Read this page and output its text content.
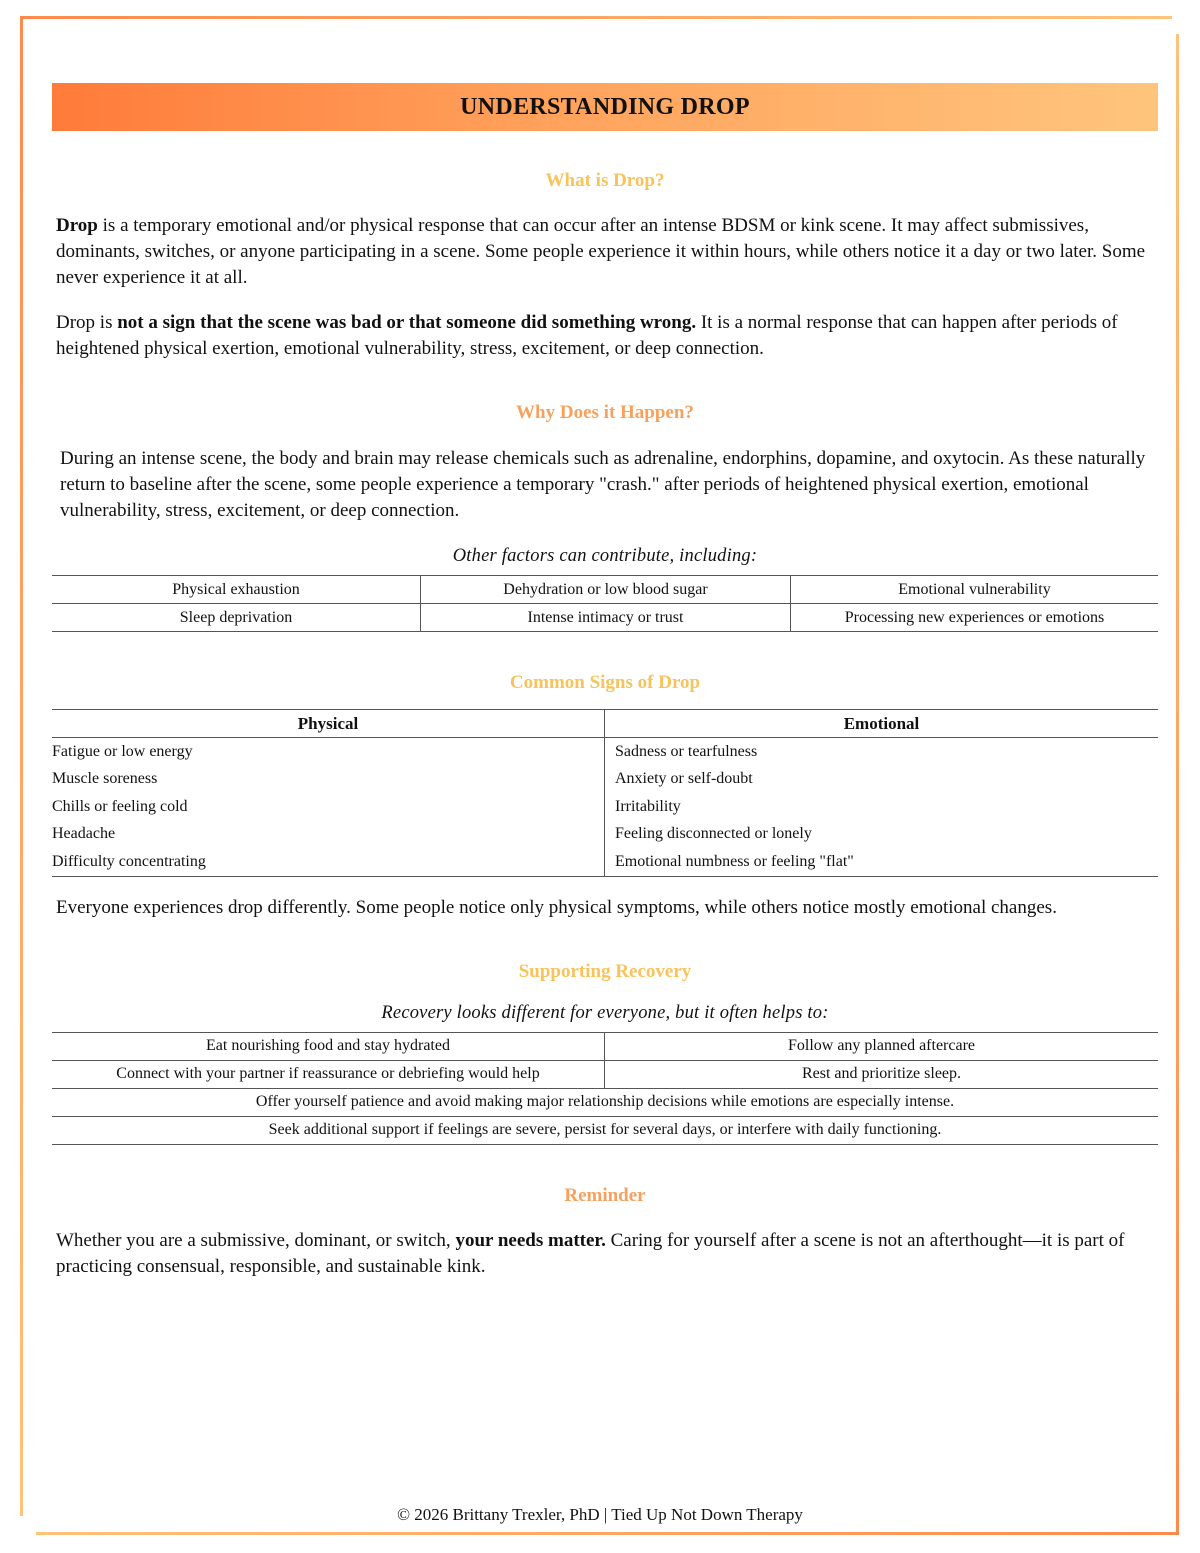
UNDERSTANDING DROP
What is Drop?

Drop is a temporary emotional and/or physical response that can occur after an intense BDSM or kink scene. It may affect submissives, dominants, switches, or anyone participating in a scene. Some people experience it within hours, while others notice it a day or two later. Some never experience it at all.

Drop is not a sign that the scene was bad or that someone did something wrong. It is a normal response that can happen after periods of heightened physical exertion, emotional vulnerability, stress, excitement, or deep connection.

Why Does it Happen?

During an intense scene, the body and brain may release chemicals such as adrenaline, endorphins, dopamine, and oxytocin. As these naturally return to baseline after the scene, some people experience a temporary "crash." after periods of heightened physical exertion, emotional vulnerability, stress, excitement, or deep connection.

Other factors can contribute, including:

Physical exhaustion	Dehydration or low blood sugar	Emotional vulnerability
Sleep deprivation	Intense intimacy or trust	Processing new experiences or emotions
Common Signs of Drop
Physical	Emotional
Fatigue or low energy	Sadness or tearfulness
Muscle soreness	Anxiety or self-doubt
Chills or feeling cold	Irritability
Headache	Feeling disconnected or lonely
Difficulty concentrating	Emotional numbness or feeling "flat"

Everyone experiences drop differently. Some people notice only physical symptoms, while others notice mostly emotional changes.

Supporting Recovery

Recovery looks different for everyone, but it often helps to:

Eat nourishing food and stay hydrated	Follow any planned aftercare
Connect with your partner if reassurance or debriefing would help	Rest and prioritize sleep.
Offer yourself patience and avoid making major relationship decisions while emotions are especially intense.	
Seek additional support if feelings are severe, persist for several days, or interfere with daily functioning.	
Reminder

Whether you are a submissive, dominant, or switch, your needs matter. Caring for yourself after a scene is not an afterthought—it is part of practicing consensual, responsible, and sustainable kink.

© 2026 Brittany Trexler, PhD | Tied Up Not Down Therapy
